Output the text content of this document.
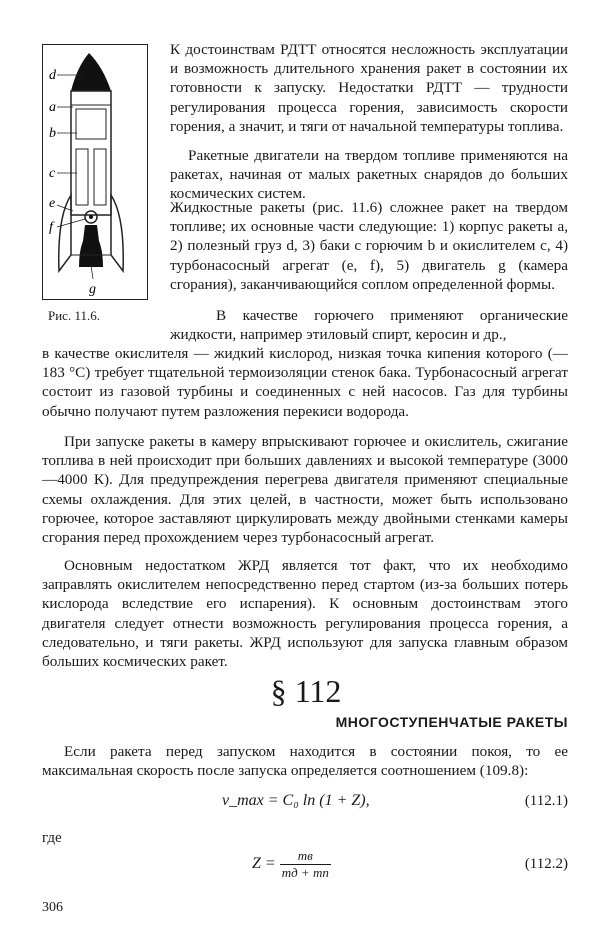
d
a
b
c
e
f
g
Рис. 11.6.

К достоинствам РДТТ относятся несложность эксплуатации и возможность длительного хранения ракет в состоянии их готовности к запуску. Недостатки РДТТ — трудности регулирования процесса горения, зависимость скорости горения, а значит, и тяги от начальной температуры топлива.

Ракетные двигатели на твердом топливе применяются на ракетах, начиная от малых ракетных снарядов до больших космических систем.

Жидкостные ракеты (рис. 11.6) сложнее ракет на твердом топливе; их основные части следующие: 1) корпус ракеты a, 2) полезный груз d, 3) баки с горючим b и окислителем c, 4) турбонасосный агрегат (e, f), 5) двигатель g (камера сгорания), заканчивающийся соплом определенной формы.

В качестве горючего применяют органические жидкости, например этиловый спирт, керосин и др.,

в качестве окислителя — жидкий кислород, низкая точка кипения которого (—183 °С) требует тщательной термоизоляции стенок бака. Турбонасосный агрегат состоит из газовой турбины и соединенных с ней насосов. Газ для турбины обычно получают путем разложения перекиси водорода.

При запуске ракеты в камеру впрыскивают горючее и окислитель, сжигание топлива в ней происходит при больших давлениях и высокой температуре (3000—4000 К). Для предупреждения перегрева двигателя применяют специальные схемы охлаждения. Для этих целей, в частности, может быть использовано горючее, которое заставляют циркулировать между двойными стенками камеры сгорания перед прохождением через турбонасосный агрегат.

Основным недостатком ЖРД является тот факт, что их необходимо заправлять окислителем непосредственно перед стартом (из-за больших потерь кислорода вследствие его испарения). К основным достоинствам этого двигателя следует отнести возможность регулирования процесса горения, а следовательно, и тяги ракеты. ЖРД используют для запуска главным образом больших космических ракет.

§ 112
МНОГОСТУПЕНЧАТЫЕ РАКЕТЫ

Если ракета перед запуском находится в состоянии покоя, то ее максимальная скорость после запуска определяется соотношением (109.8):

v_max = C₀ ln (1 + Z),	(112.1)
где
$Z = \frac{mв}{mд + mп}$	(112.2)
306
